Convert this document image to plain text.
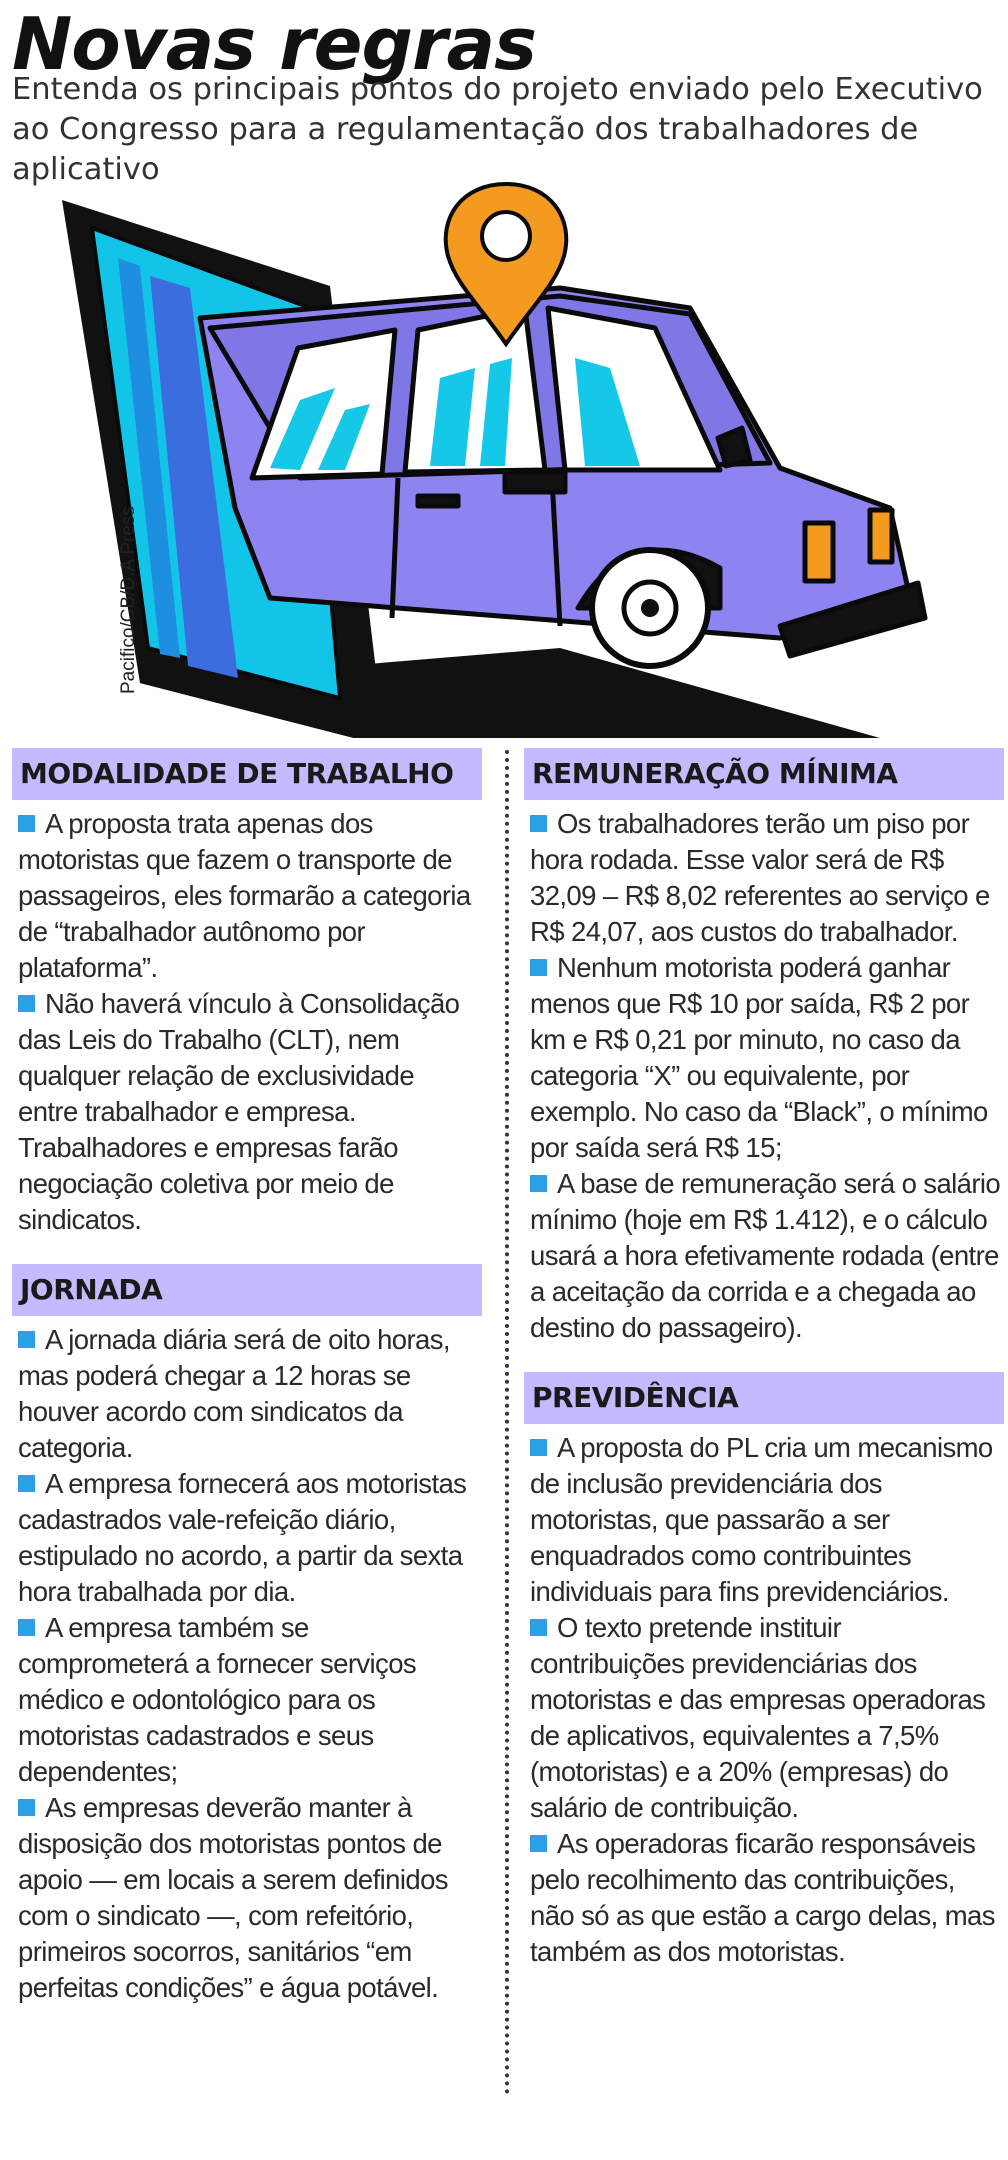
Novas regras

Entenda os principais pontos do projeto enviado pelo Executivo ao Congresso para a regulamentação dos trabalhadores de aplicativo

Pacifico/CB/D.A Press
MODALIDADE DE TRABALHO

A proposta trata apenas dos motoristas que fazem o transporte de passageiros, eles formarão a categoria de “trabalhador autônomo por plataforma”.

Não haverá vínculo à Consolidação das Leis do Trabalho (CLT), nem qualquer relação de exclusividade entre trabalhador e empresa. Trabalhadores e empresas farão negociação coletiva por meio de sindicatos.

JORNADA

A jornada diária será de oito horas, mas poderá chegar a 12 horas se houver acordo com sindicatos da categoria.

A empresa fornecerá aos motoristas cadastrados vale-refeição diário, estipulado no acordo, a partir da sexta hora trabalhada por dia.

A empresa também se comprometerá a fornecer serviços médico e odontológico para os motoristas cadastrados e seus dependentes;

As empresas deverão manter à disposição dos motoristas pontos de apoio — em locais a serem definidos com o sindicato —, com refeitório, primeiros socorros, sanitários “em perfeitas condições” e água potável.

REMUNERAÇÃO MÍNIMA

Os trabalhadores terão um piso por hora rodada. Esse valor será de R$ 32,09 – R$ 8,02 referentes ao serviço e R$ 24,07, aos custos do trabalhador.

Nenhum motorista poderá ganhar menos que R$ 10 por saída, R$ 2 por km e R$ 0,21 por minuto, no caso da categoria “X” ou equivalente, por exemplo. No caso da “Black”, o mínimo por saída será R$ 15;

A base de remuneração será o salário mínimo (hoje em R$ 1.412), e o cálculo usará a hora efetivamente rodada (entre a aceitação da corrida e a chegada ao destino do passageiro).

PREVIDÊNCIA

A proposta do PL cria um mecanismo de inclusão previdenciária dos motoristas, que passarão a ser enquadrados como contribuintes individuais para fins previdenciários.

O texto pretende instituir contribuições previdenciárias dos motoristas e das empresas operadoras de aplicativos, equivalentes a 7,5% (motoristas) e a 20% (empresas) do salário de contribuição.

As operadoras ficarão responsáveis pelo recolhimento das contribuições, não só as que estão a cargo delas, mas também as dos motoristas.
